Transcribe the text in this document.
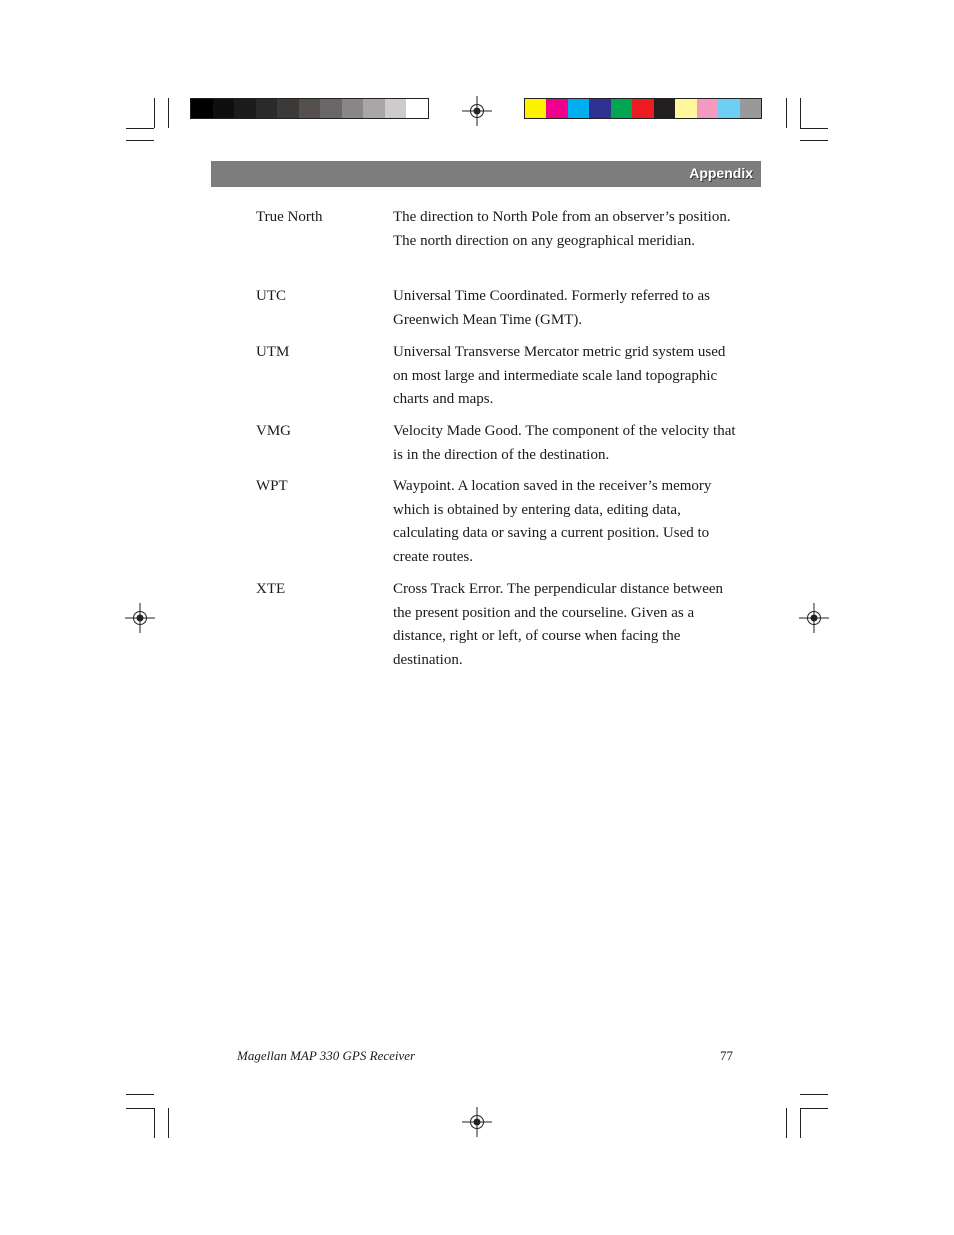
Appendix
True North	The direction to North Pole from an observer’s position. The north direction on any geographical meridian.
UTC	Universal Time Coordinated. Formerly referred to as Greenwich Mean Time (GMT).
UTM	Universal Transverse Mercator metric grid system used on most large and intermediate scale land topographic charts and maps.
VMG	Velocity Made Good. The component of the velocity that is in the direction of the destination.
WPT	Waypoint. A location saved in the receiver’s memory which is obtained by entering data, editing data, calculating data or saving a current position. Used to create routes.
XTE	Cross Track Error. The perpendicular distance between the present position and the courseline. Given as a distance, right or left, of course when facing the destination.
Magellan MAP 330 GPS Receiver	77
